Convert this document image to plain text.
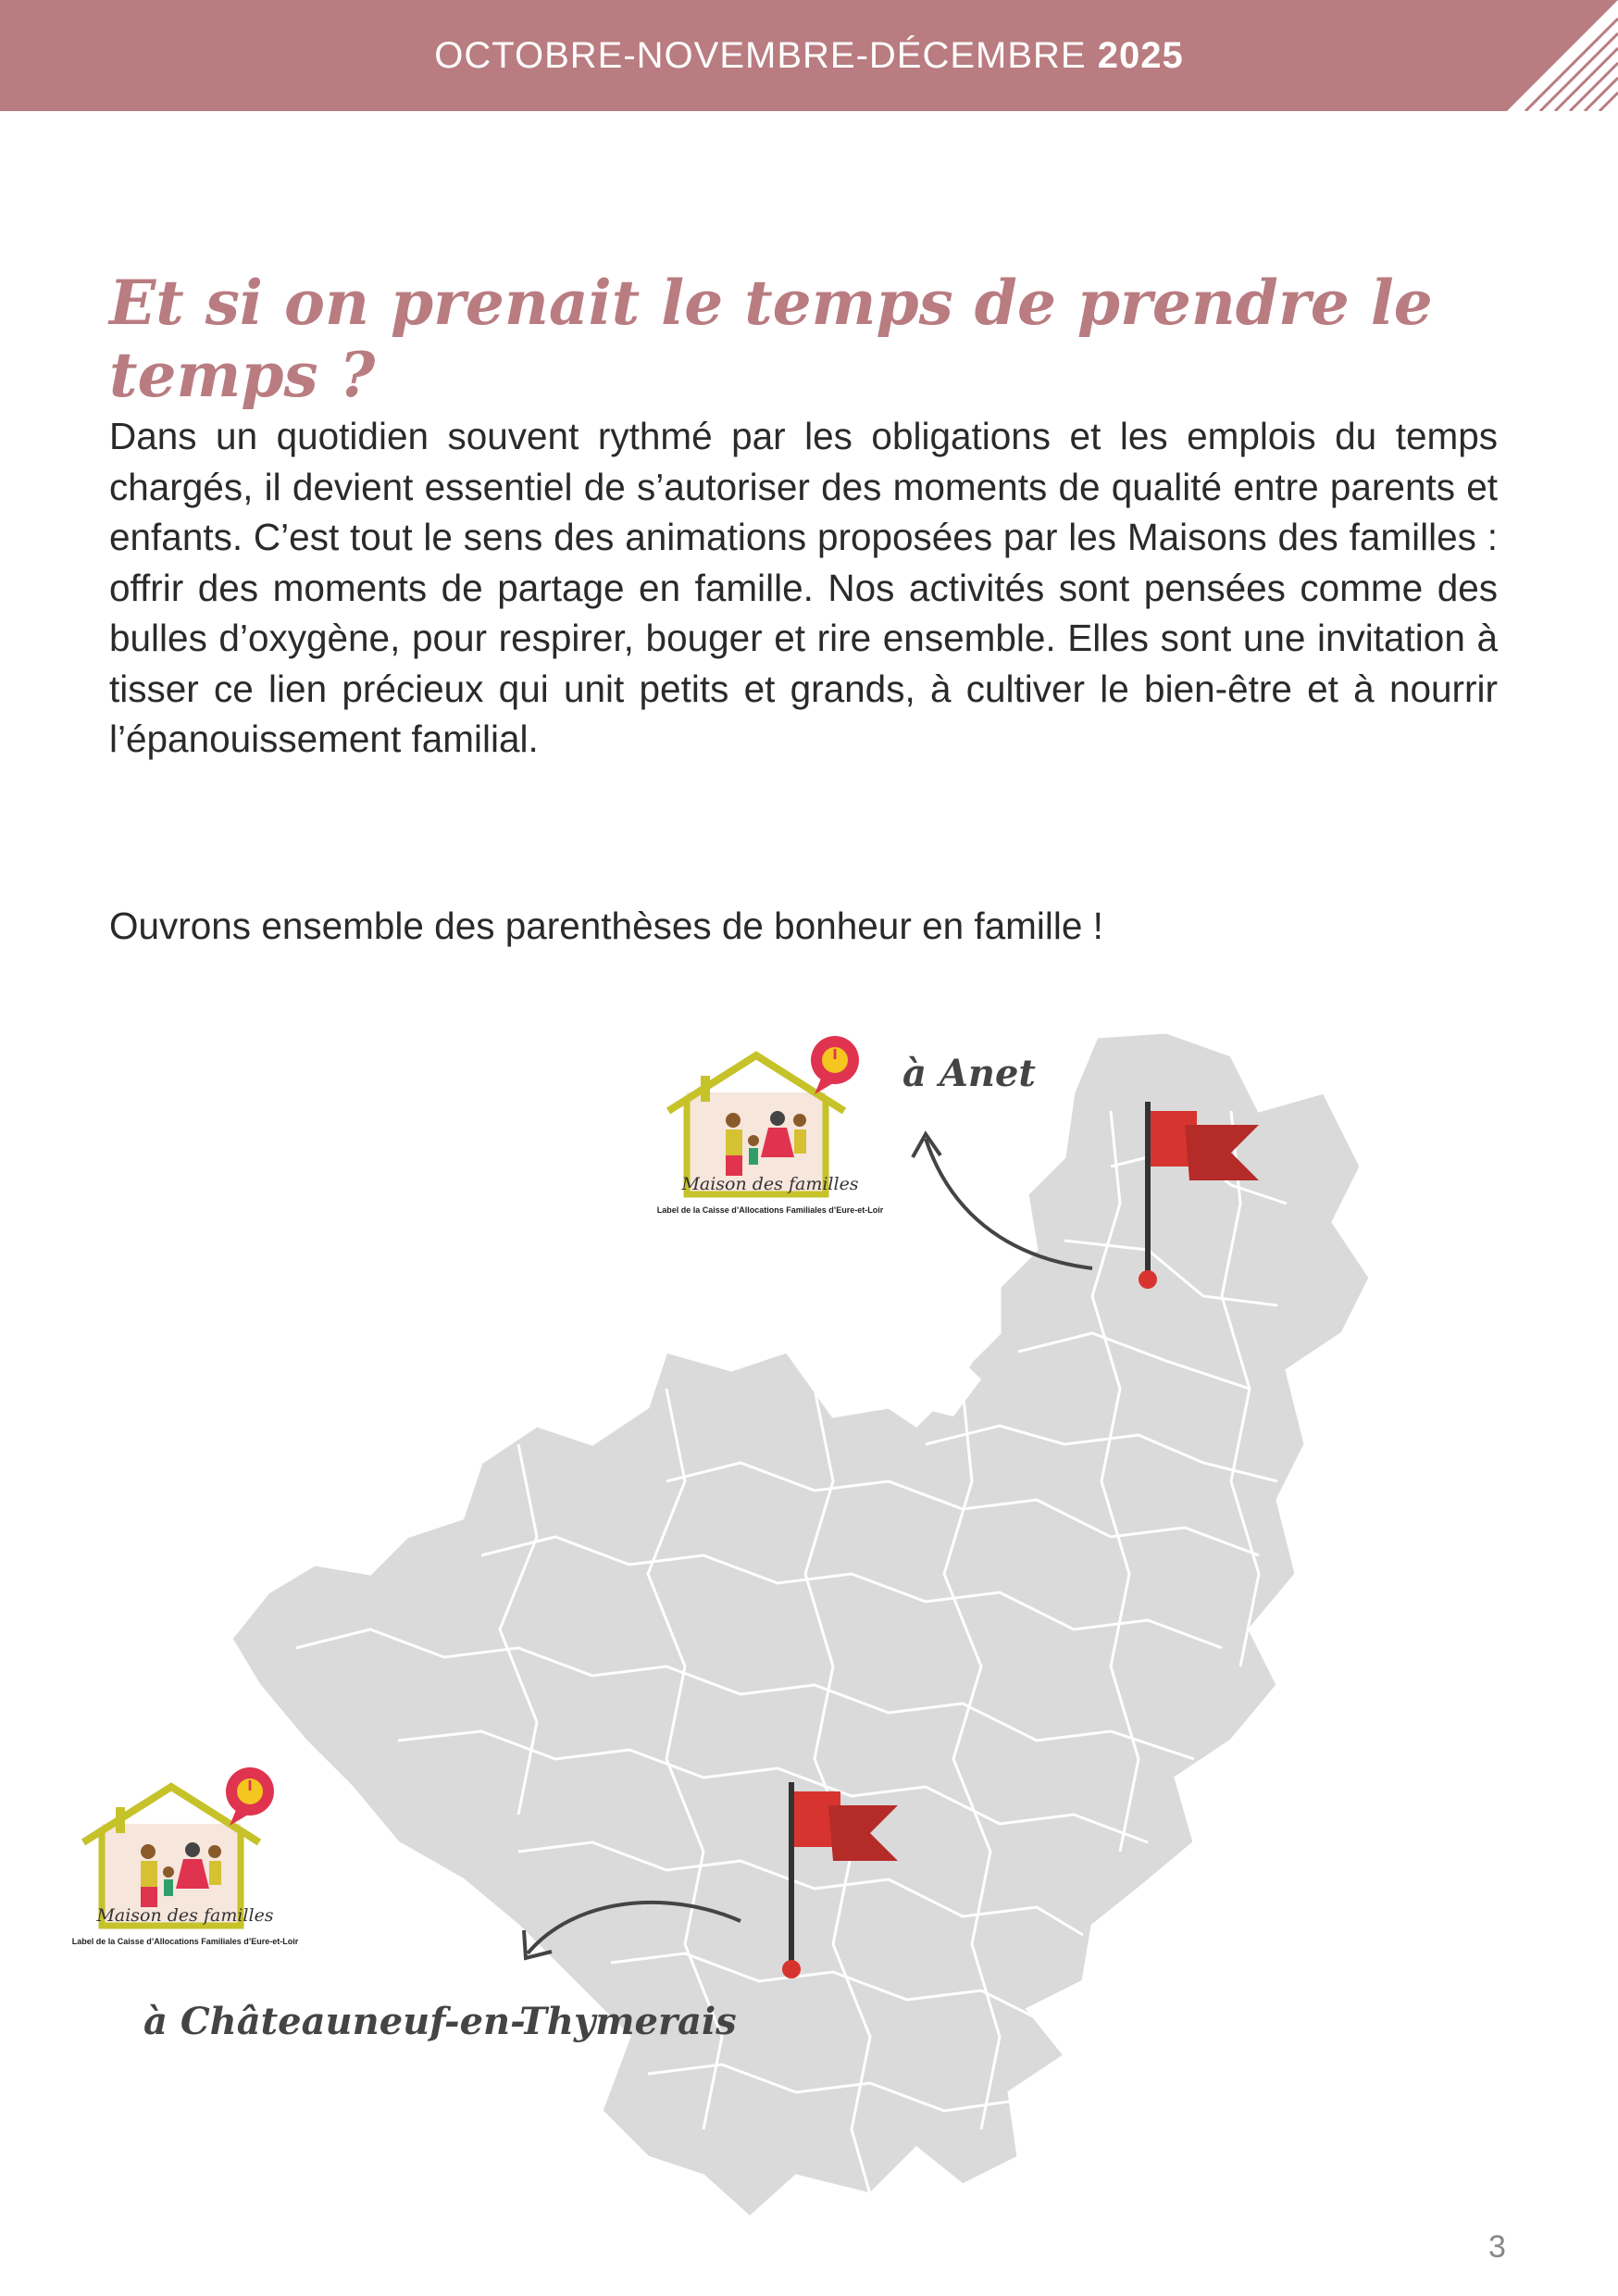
OCTOBRE-NOVEMBRE-DÉCEMBRE 2025
Et si on prenait le temps de prendre le temps ?

Dans un quotidien souvent rythmé par les obligations et les emplois du temps chargés, il devient essentiel de s’autoriser des moments de qualité entre parents et enfants. C’est tout le sens des animations proposées par les Maisons des familles : offrir des moments de partage en famille. Nos activités sont pensées comme des bulles d’oxygène, pour respirer, bouger et rire ensemble. Elles sont une invitation à tisser ce lien précieux qui unit petits et grands, à cultiver le bien-être et à nourrir l’épanouissement familial.

Ouvrons ensemble des parenthèses de bonheur en famille !

i
Maison des familles
Label de la Caisse d’Allocations Familiales d’Eure-et-Loir
i
Maison des familles
Label de la Caisse d’Allocations Familiales d’Eure-et-Loir
à Anet
à Châteauneuf-en-Thymerais
3
